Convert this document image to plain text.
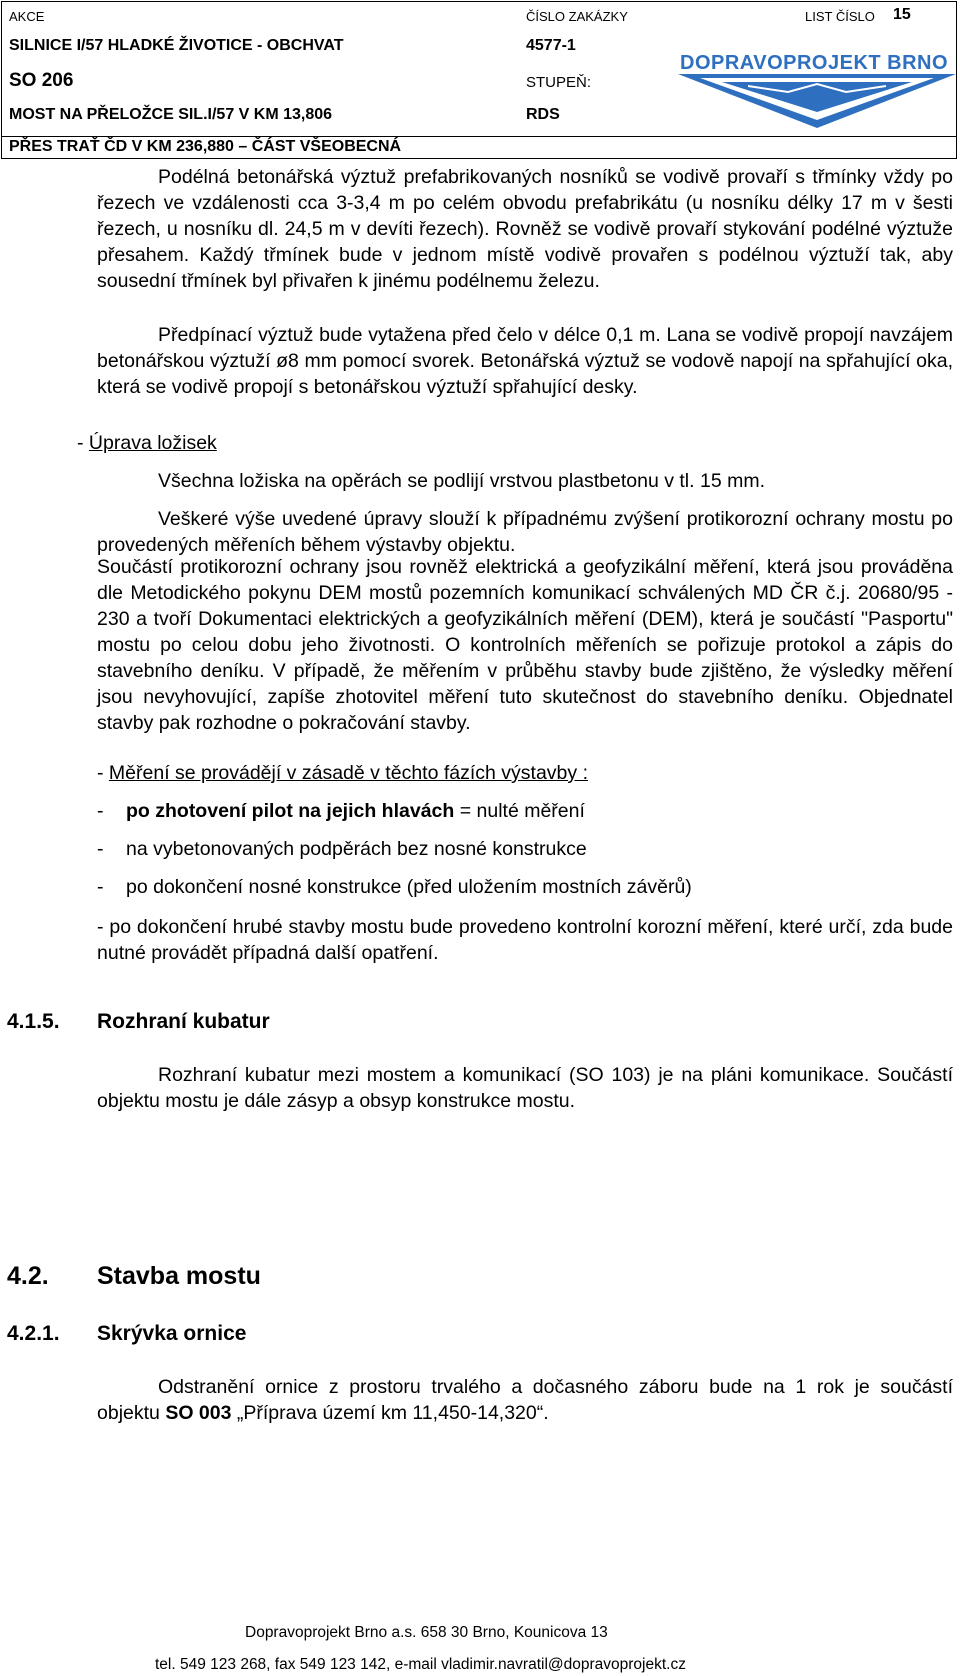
AKCE	ČÍSLO ZAKÁZKY	LIST ČÍSLO 15
SILNICE I/57 HLADKÉ ŽIVOTICE - OBCHVAT	4577-1
SO 206	STUPEŇ:
MOST NA PŘELOŽCE SIL.I/57 V KM 13,806	RDS
PŘES TRAŤ ČD V KM 236,880 – ČÁST VŠEOBECNÁ
DOPRAVOPROJEKT BRNO
Podélná betonářská výztuž prefabrikovaných nosníků se vodivě provaří s třmínky vždy po řezech ve vzdálenosti cca 3-3,4 m po celém obvodu prefabrikátu (u nosníku délky 17 m v šesti řezech, u nosníku dl. 24,5 m v devíti řezech). Rovněž se vodivě provaří stykování podélné výztuže přesahem. Každý třmínek bude v jednom místě vodivě provařen s podélnou výztuží tak, aby sousední třmínek byl přivařen k jinému podélnemu železu.
Předpínací výztuž bude vytažena před čelo v délce 0,1 m. Lana se vodivě propojí navzájem betonářskou výztuží ø8 mm pomocí svorek. Betonářská výztuž se vodově napojí na spřahující oka, která se vodivě propojí s betonářskou výztuží spřahující desky.
- Úprava ložisek
Všechna ložiska na opěrách se podlijí vrstvou plastbetonu v tl. 15 mm.
Veškeré výše uvedené úpravy slouží k případnému zvýšení protikorozní ochrany mostu po provedených měřeních během výstavby objektu.
Součástí protikorozní ochrany jsou rovněž elektrická a geofyzikální měření, která jsou prováděna dle Metodického pokynu DEM mostů pozemních komunikací schválených MD ČR č.j. 20680/95 - 230 a tvoří Dokumentaci elektrických a geofyzikálních měření (DEM), která je součástí "Pasportu" mostu po celou dobu jeho životnosti. O kontrolních měřeních se pořizuje protokol a zápis do stavebního deníku. V případě, že měřením v průběhu stavby bude zjištěno, že výsledky měření jsou nevyhovující, zapíše zhotovitel měření tuto skutečnost do stavebního deníku. Objednatel stavby pak rozhodne o pokračování stavby.
- Měření se provádějí v zásadě v těchto fázích výstavby :
- po zhotovení pilot na jejich hlavách = nulté měření
- na vybetonovaných podpěrách bez nosné konstrukce
- po dokončení nosné konstrukce (před uložením mostních závěrů)
- po dokončení hrubé stavby mostu bude provedeno kontrolní korozní měření, které určí, zda bude nutné provádět případná další opatření.
4.1.5. Rozhraní kubatur
Rozhraní kubatur mezi mostem a komunikací (SO 103) je na pláni komunikace. Součástí objektu mostu je dále zásyp a obsyp konstrukce mostu.
4.2. Stavba mostu
4.2.1. Skrývka ornice
Odstranění ornice z prostoru trvalého a dočasného záboru bude na 1 rok je součástí objektu SO 003 „Příprava území km 11,450-14,320“.
Dopravoprojekt Brno a.s. 658 30 Brno, Kounicova 13
tel. 549 123 268, fax 549 123 142, e-mail vladimir.navratil@dopravoprojekt.cz
